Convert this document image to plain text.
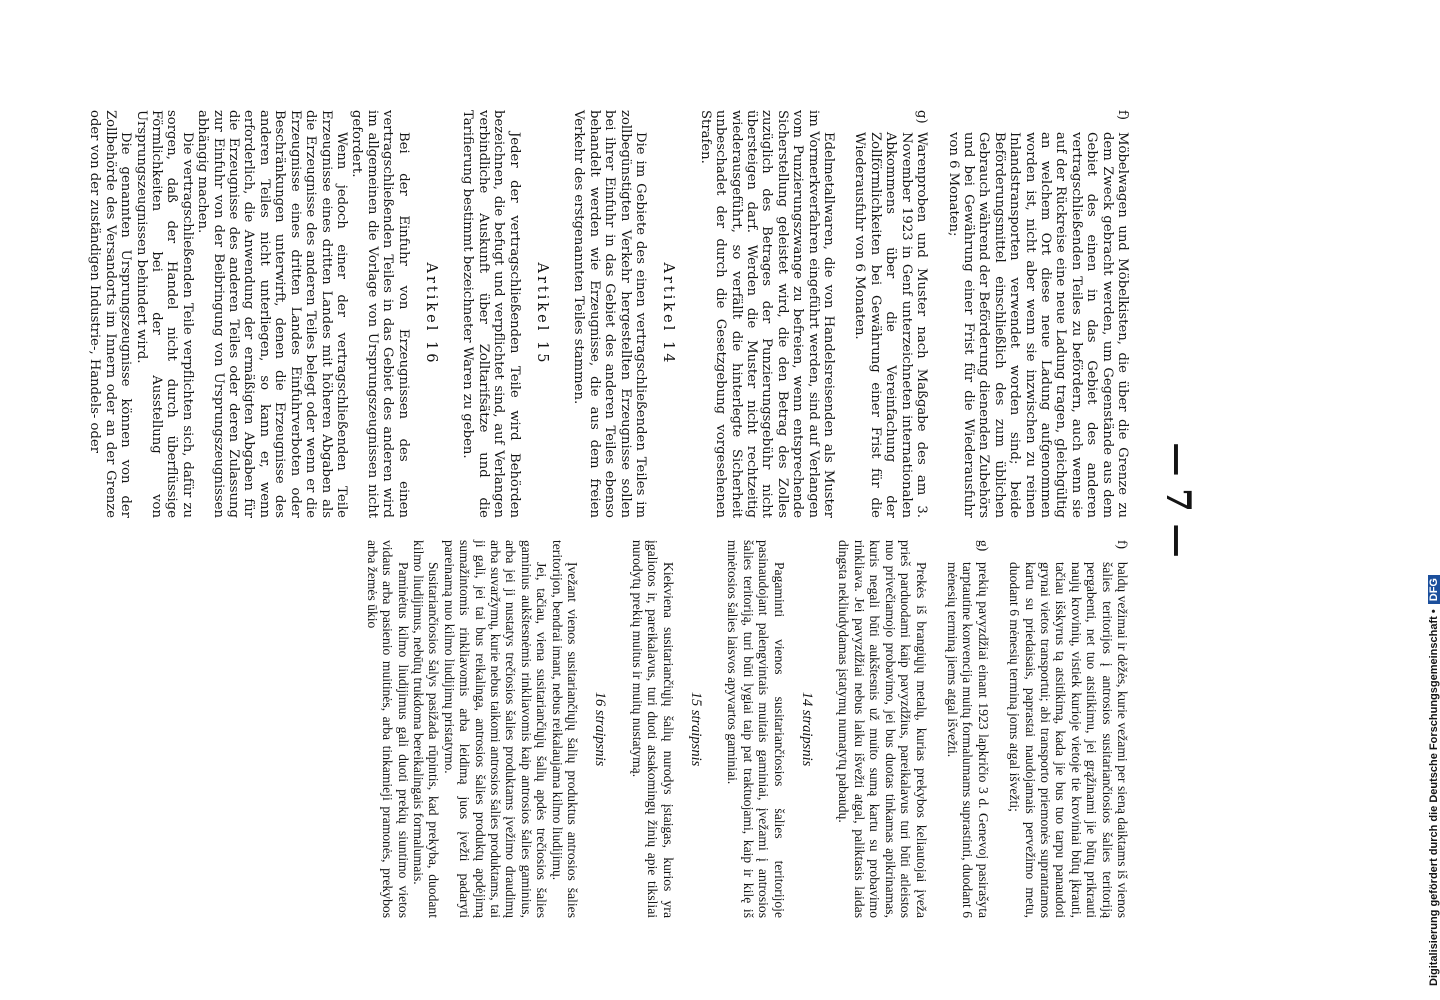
— 7 —
f)
Möbelwagen und Möbelkisten, die über die Grenze zu dem Zweck gebracht werden, um Gegenstände aus dem Gebiet des einen in das Gebiet des anderen vertragschließenden Teiles zu befördern, auch wenn sie auf der Rückreise eine neue Ladung tragen, gleichgültig an welchem Ort diese neue Ladung aufgenommen worden ist, nicht aber wenn sie inzwischen zu reinen Inlandstransporten verwendet worden sind; beide Beförderungsmittel einschließlich des zum üblichen Gebrauch während der Beförderung dienenden Zubehörs und bei Gewährung einer Frist für die Wiederausfuhr von 6 Monaten;
g)
Warenproben und Muster nach Maßgabe des am 3. November 1923 in Genf unterzeichneten internationalen Abkommens über die Vereinfachung der Zollförmlichkeiten bei Gewährung einer Frist für die Wiederausfuhr von 6 Monaten.

Edelmetallwaren, die von Handelsreisenden als Muster im Vormerkverfahren eingeführt werden, sind auf Verlangen vom Punzierungszwange zu befreien, wenn entsprechende Sicherstellung geleistet wird, die den Betrag des Zolles zuzüglich des Betrages der Punzierungsgebühr nicht übersteigen darf. Werden die Muster nicht rechtzeitig wiederausgeführt, so verfällt die hinterlegte Sicherheit unbeschadet der durch die Gesetzgebung vorgesehenen Strafen.

Artikel 14

Die im Gebiete des einen vertragschließenden Teiles im zollbegünstigten Verkehr hergestellten Erzeugnisse sollen bei ihrer Einfuhr in das Gebiet des anderen Teiles ebenso behandelt werden wie Erzeugnisse, die aus dem freien Verkehr des erstgenannten Teiles stammen.

Artikel 15

Jeder der vertragschließenden Teile wird Behörden bezeichnen, die befugt und verpflichtet sind, auf Verlangen verbindliche Auskunft über Zolltarifsätze und die Tarifierung bestimmt bezeichneter Waren zu geben.

Artikel 16

Bei der Einfuhr von Erzeugnissen des einen vertragschließenden Teiles in das Gebiet des anderen wird im allgemeinen die Vorlage von Ursprungszeugnissen nicht gefordert.

Wenn jedoch einer der vertragschließenden Teile Erzeugnisse eines dritten Landes mit höheren Abgaben als die Erzeugnisse des anderen Teiles belegt oder wenn er die Erzeugnisse eines dritten Landes Einfuhrverboten oder Beschränkungen unterwirft, denen die Erzeugnisse des anderen Teiles nicht unterliegen, so kann er, wenn erforderlich, die Anwendung der ermäßigten Abgaben für die Erzeugnisse des anderen Teiles oder deren Zulassung zur Einfuhr von der Beibringung von Ursprungszeugnissen abhängig machen.

Die vertragschließenden Teile verpflichten sich, dafür zu sorgen, daß der Handel nicht durch überflüssige Förmlichkeiten bei der Ausstellung von Ursprungszeugnissen behindert wird.

Die genannten Ursprungszeugnisse können von der Zollbehörde des Versandorts im Innern oder an der Grenze oder von der zuständigen Industrie-, Handels- oder

f)
baldų vežimai ir dėžės, kurie vežami per sieną daiktams iš vienos šalies teritorijos į antrosios susitariančiosios šalies teritoriją pergabenti, net tuo atsitikimu, jei grąžinami jie būtų prikrauti naujų krovinių, vistiek kurioje vietoje tie kroviniai būtų įkrauti, tačiau išskyrus tą atsitikimą, kada jie bus tuo tarpu panaudoti grynai vietos transportui; abi transporto priemonės suprantamos kartu su priedaisais, paprastai naudojamais pervežimo metu, duodant 6 mėnesių terminą joms atgal išvežti;
g)
prekių pavyzdžiai einant 1923 lapkričio 3 d. Genevoj pasirašyta tarptautine konvencija muitų formalumams suprastinti, duodant 6 mėnesių terminą jiems atgal išvežti.

Prekės iš brangiųjų metalų, kurias prekybos keliautojai įveža prieš parduodami kaip pavyzdžius, pareikalavus turi būti atleistos nuo privečiamojo probavimo, jei bus duotas tinkamas apikrinamas, kuris negali būti aukštesnis už muito sumą kartu su probavimo rinkliava. Jei pavyzdžiai nebus laiku išvežti atgal, paliktasis laidas dingsta nekliudydamas įstatymų numatytų pabaudų.

14 straipsnis

Pagaminti vienos susitariančiosios šalies teritorijoje pasinaudojant palengvintais muitais gaminiai, įvežami į antrosios šalies teritoriją, turi būti lygiai taip pat traktuojami, kaip ir kilę iš minėtosios šalies laisvos apyvartos gaminiai.

15 straipsnis

Kiekviena susitariančiųjų šalių nurodys įstaigas, kurios yra įgaliotos ir, pareikalavus, turi duoti atsakomingų žinių apie tiksliai nurodytų prekių muitus ir muitų nustatymą.

16 straipsnis

Įvežant vienos susitariančiųjų šalių produktus antrosios šalies teritorijon, bendrai imant, nebus reikalaujama kilmo liudijimų.

Jei, tačiau, viena susitariančiųjų šalių apdės trečiosios šalies gaminius aukštesnėmis rinkliavomis kaip antrosios šalies gaminius, arba jei ji nustatys trečiosios šalies produktams įvežimo draudimų arba suvaržymų, kurie nebus taikomi antrosios šalies produktams, tai ji gali, jei tai bus reikalinga, antrosios šalies produktų apdėjimą sumažintomis rinkliavomis arba leidimą juos įvežti padaryti pareinamą nuo kilmo liudijimų pristatymo.

Susitariančiosios šalys pasižada rūpintis, kad prekyba, duodant kilmo liudijimus, nebūtų trukdoma bereikalingais formalumais.

Paminėtus kilmo liudijimus gali duoti prekių siuntimo vietos vidaus arba pasienio muitinės, arba tinkamieji pramonės, prekybos arba žemės ūkio

Digitalisierung gefördert durch die Deutsche Forschungsgemeinschaft • DFG
